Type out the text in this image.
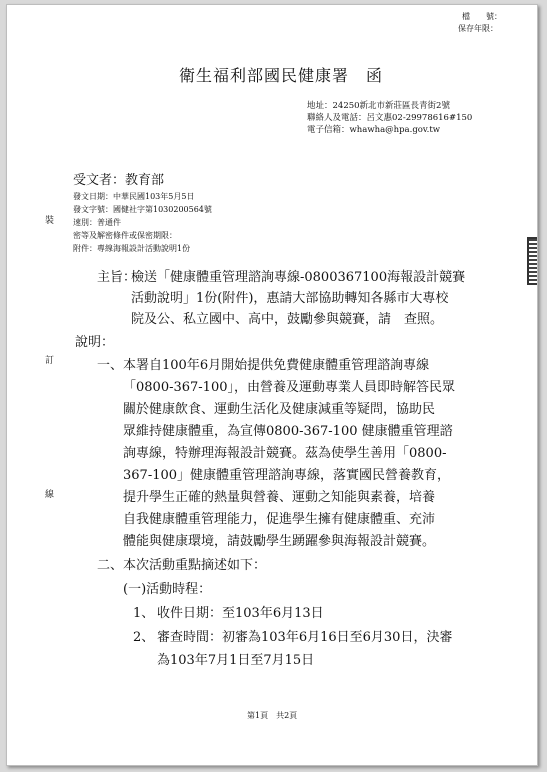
檔　　號：
保存年限：
衛生福利部國民健康署　函
地址：24250新北市新莊區長青街2號
聯絡人及電話：呂文惠02-29978616#150
電子信箱：whawha@hpa.gov.tw
受文者：教育部
發文日期：中華民國103年5月5日
發文字號：國健社字第1030200564號
速別：普通件
密等及解密條件或保密期限：
附件：專線海報設計活動說明1份
裝
訂
線
主旨：
檢送「健康體重管理諮詢專線-0800367100海報設計競賽
活動說明」1份(附件)，惠請大部協助轉知各縣市大專校
院及公、私立國中、高中，鼓勵參與競賽，請　查照。
說明：
一、 本署自100年6月開始提供免費健康體重管理諮詢專線
「0800-367-100」，由營養及運動專業人員即時解答民眾
關於健康飲食、運動生活化及健康減重等疑問，協助民
眾維持健康體重，為宣傳0800-367-100 健康體重管理諮
詢專線，特辦理海報設計競賽。茲為使學生善用「0800-
367-100」健康體重管理諮詢專線，落實國民營養教育，
提升學生正確的熱量與營養、運動之知能與素養，培養
自我健康體重管理能力，促進學生擁有健康體重、充沛
體能與健康環境，請鼓勵學生踴躍參與海報設計競賽。
二、 本次活動重點摘述如下：
(一)活動時程：
1、 收件日期：至103年6月13日
2、 審查時間：初審為103年6月16日至6月30日，決審
為103年7月1日至7月15日
第1頁　共2頁
